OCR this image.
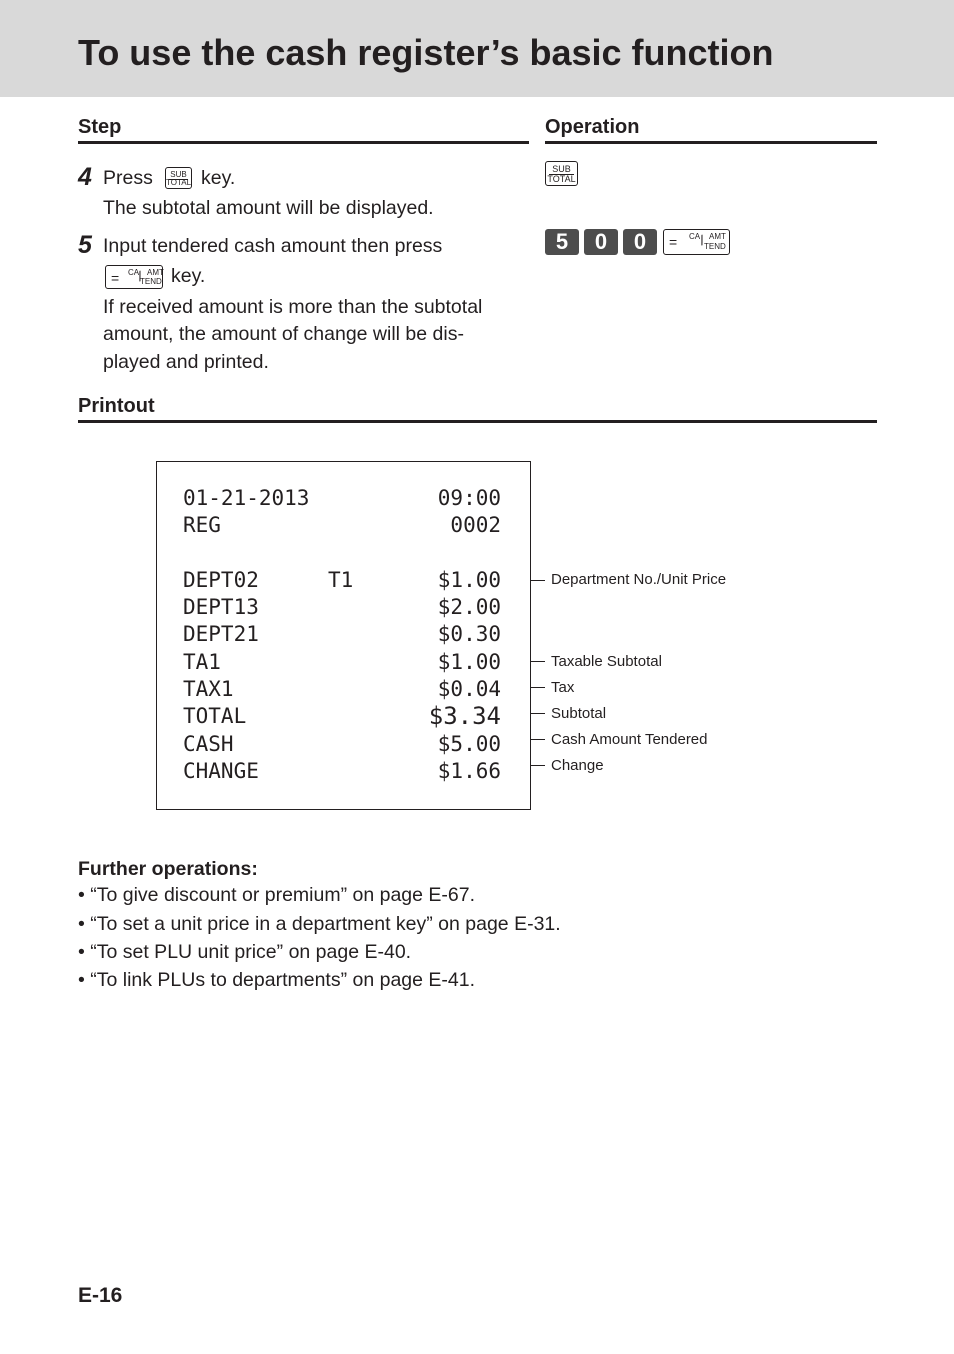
To use the cash register’s basic function
Step	Operation
4 Press	SUB
TOTAL key.
The subtotal amount will be displayed.
SUB
TOTAL
5 Input tendered cash amount then press
= CA
/ AMT
TEND key.
If received amount is more than the subtotal
amount, the amount of change will be dis-
played and printed.
5	0	0	= CA
/ AMT
TEND
Printout
01-21-2013	09:00
REG	0002
DEPT02	T1	$1.00
DEPT13	$2.00
DEPT21	$0.30
TA1	$1.00
TAX1	$0.04
TOTAL	$3.34
CASH	$5.00
CHANGE	$1.66
Department No./Unit Price
Taxable Subtotal
Tax
Subtotal
Cash Amount Tendered
Change
Further operations:
• “To give discount or premium” on page E-67.
• “To set a unit price in a department key” on page E-31.
• “To set PLU unit price” on page E-40.
• “To link PLUs to departments” on page E-41.
E-16
